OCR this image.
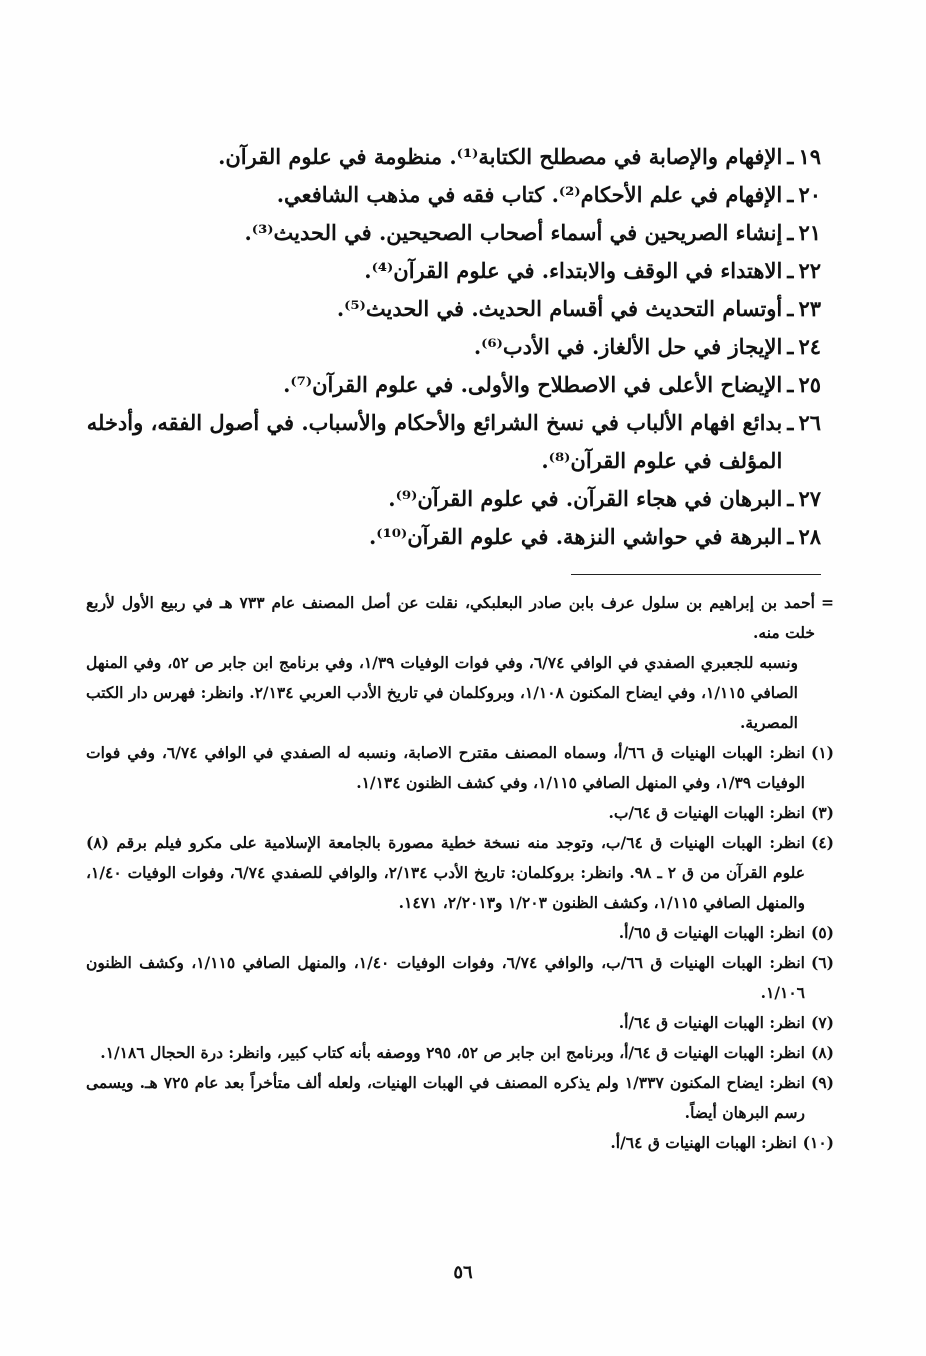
١٩
ـ
الإفهام والإصابة في مصطلح الكتابة⁽¹⁾. منظومة في علوم القرآن.
٢٠
ـ
الإفهام في علم الأحكام⁽²⁾. كتاب فقه في مذهب الشافعي.
٢١
ـ
إنشاء الصريحين في أسماء أصحاب الصحيحين. في الحديث⁽³⁾.
٢٢
ـ
الاهتداء في الوقف والابتداء. في علوم القرآن⁽⁴⁾.
٢٣
ـ
أوتسام التحديث في أقسام الحديث. في الحديث⁽⁵⁾.
٢٤
ـ
الإيجاز في حل الألغاز. في الأدب⁽⁶⁾.
٢٥
ـ
الإيضاح الأعلى في الاصطلاح والأولى. في علوم القرآن⁽⁷⁾.
٢٦
ـ
بدائع افهام الألباب في نسخ الشرائع والأحكام والأسباب. في أصول الفقه، وأدخله المؤلف في علوم القرآن⁽⁸⁾.
٢٧
ـ
البرهان في هجاء القرآن. في علوم القرآن⁽⁹⁾.
٢٨
ـ
البرهة في حواشي النزهة. في علوم القرآن⁽¹⁰⁾.

=
أحمد بن إبراهيم بن سلول عرف بابن صادر البعلبكي، نقلت عن أصل المصنف عام ٧٣٣ هـ في ربيع الأول لأربع خلت منه.

ونسبه للجعبري الصفدي في الوافي ٦/٧٤، وفي فوات الوفيات ١/٣٩، وفي برنامج ابن جابر ص ٥٢، وفي المنهل الصافي ١/١١٥، وفي ايضاح المكنون ١/١٠٨، وبروكلمان في تاريخ الأدب العربي ٢/١٣٤. وانظر: فهرس دار الكتب المصرية.

(١)
انظر: الهبات الهنيات ق ٦٦/أ، وسماه المصنف مقترح الاصابة، ونسبه له الصفدي في الوافي ٦/٧٤، وفي فوات الوفيات ١/٣٩، وفي المنهل الصافي ١/١١٥، وفي كشف الظنون ١/١٣٤.

(٣)
انظر: الهبات الهنيات ق ٦٤/ب.

(٤)
انظر: الهبات الهنيات ق ٦٤/ب، وتوجد منه نسخة خطية مصورة بالجامعة الإسلامية على مكرو فيلم برقم (٨) علوم القرآن من ق ٢ ـ ٩٨. وانظر: بروكلمان: تاريخ الأدب ٢/١٣٤، والوافي للصفدي ٦/٧٤، وفوات الوفيات ١/٤٠، والمنهل الصافي ١/١١٥، وكشف الظنون ١/٢٠٣ و٢/٢٠١٣، ١٤٧١.

(٥)
انظر: الهبات الهنيات ق ٦٥/أ.

(٦)
انظر: الهبات الهنيات ق ٦٦/ب، والوافي ٦/٧٤، وفوات الوفيات ١/٤٠، والمنهل الصافي ١/١١٥، وكشف الظنون ١/١٠٦.

(٧)
انظر: الهبات الهنيات ق ٦٤/أ.

(٨)
انظر: الهبات الهنيات ق ٦٤/أ، وبرنامج ابن جابر ص ٥٢، ٢٩٥ ووصفه بأنه كتاب كبير، وانظر: درة الحجال ١/١٨٦.

(٩)
انظر: ايضاح المكنون ١/٣٣٧ ولم يذكره المصنف في الهبات الهنيات، ولعله ألف متأخراً بعد عام ٧٢٥ هـ. ويسمى رسم البرهان أيضاً.

(١٠)
انظر: الهبات الهنيات ق ٦٤/أ.

٥٦
